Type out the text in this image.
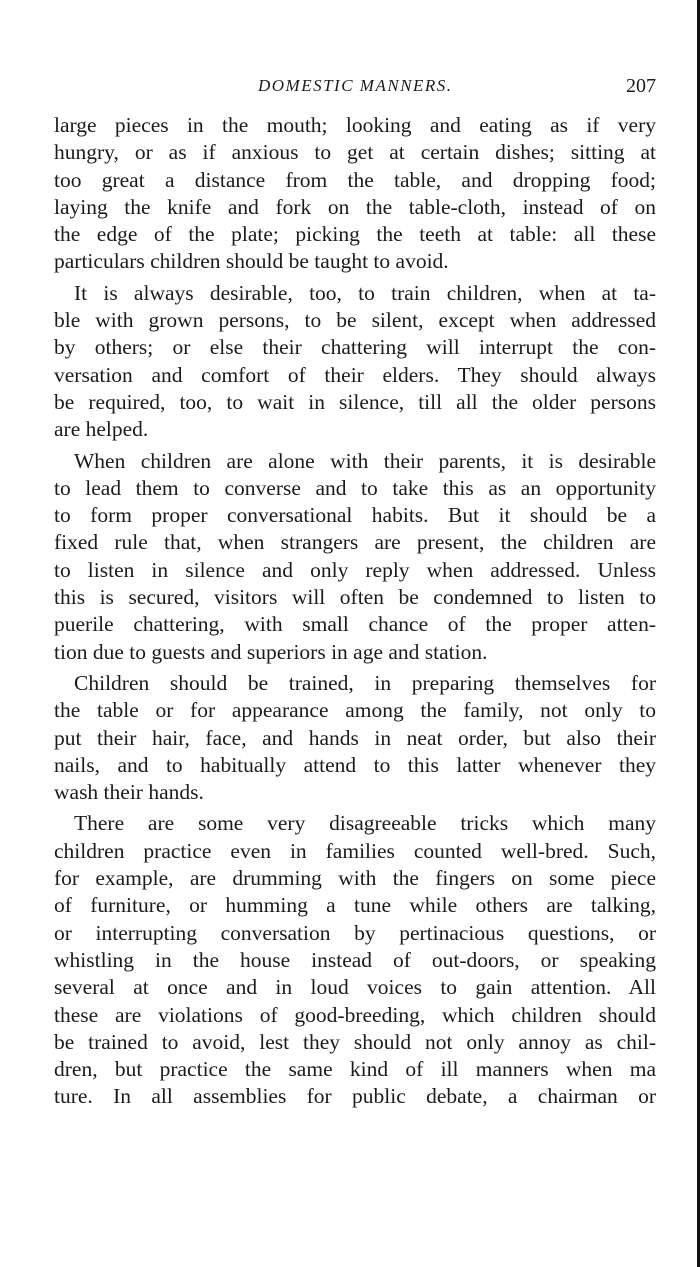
DOMESTIC MANNERS.	207
large pieces in the mouth; looking and eating as if very
hungry, or as if anxious to get at certain dishes; sitting at
too great a distance from the table, and dropping food;
laying the knife and fork on the table-cloth, instead of on
the edge of the plate; picking the teeth at table: all these
particulars children should be taught to avoid.
It is always desirable, too, to train children, when at ta-
ble with grown persons, to be silent, except when addressed
by others; or else their chattering will interrupt the con-
versation and comfort of their elders. They should always
be required, too, to wait in silence, till all the older persons
are helped.
When children are alone with their parents, it is desirable
to lead them to converse and to take this as an opportunity
to form proper conversational habits. But it should be a
fixed rule that, when strangers are present, the children are
to listen in silence and only reply when addressed. Unless
this is secured, visitors will often be condemned to listen to
puerile chattering, with small chance of the proper atten-
tion due to guests and superiors in age and station.
Children should be trained, in preparing themselves for
the table or for appearance among the family, not only to
put their hair, face, and hands in neat order, but also their
nails, and to habitually attend to this latter whenever they
wash their hands.
There are some very disagreeable tricks which many
children practice even in families counted well-bred. Such,
for example, are drumming with the fingers on some piece
of furniture, or humming a tune while others are talking,
or interrupting conversation by pertinacious questions, or
whistling in the house instead of out-doors, or speaking
several at once and in loud voices to gain attention. All
these are violations of good-breeding, which children should
be trained to avoid, lest they should not only annoy as chil-
dren, but practice the same kind of ill manners when ma
ture. In all assemblies for public debate, a chairman or
